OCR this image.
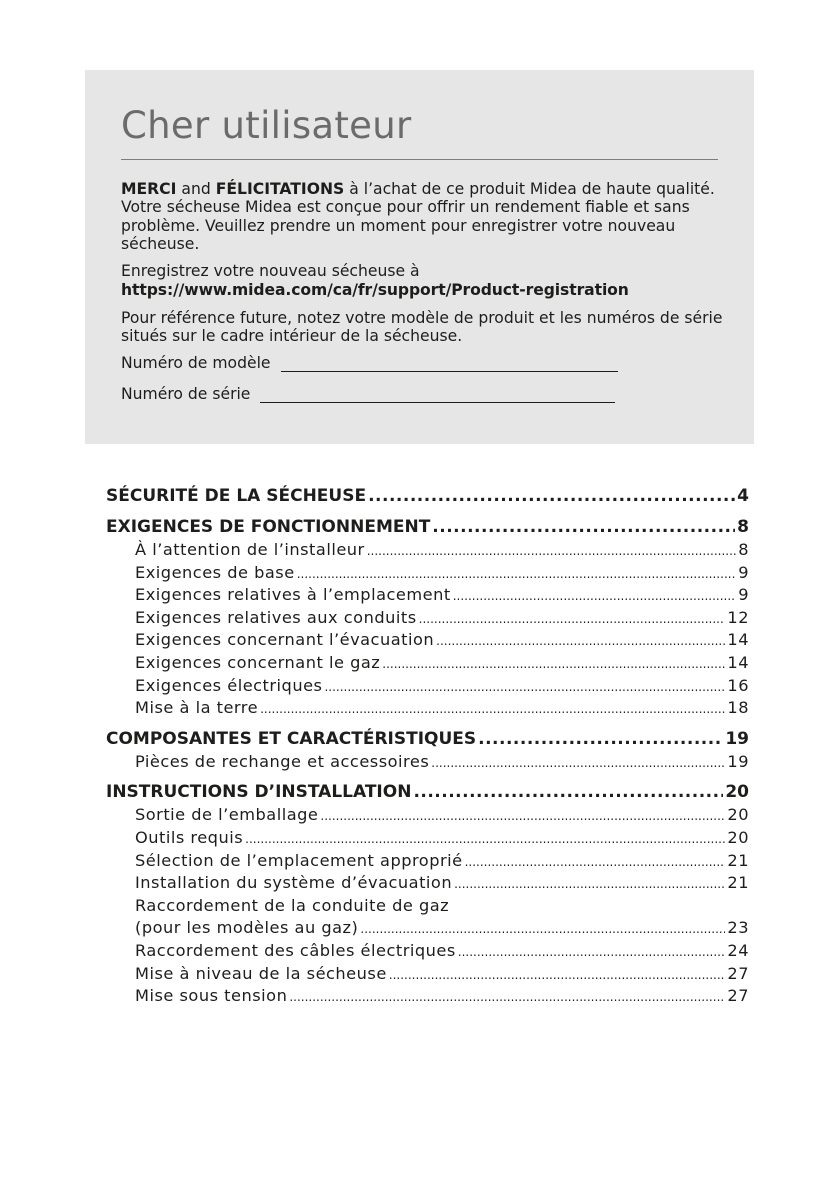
Cher utilisateur

MERCI and FÉLICITATIONS à l’achat de ce produit Midea de haute qualité. Votre sécheuse Midea est conçue pour offrir un rendement fiable et sans problème. Veuillez prendre un moment pour enregistrer votre nouveau sécheuse.

Enregistrez votre nouveau sécheuse à
https://www.midea.com/ca/fr/support/Product-registration

Pour référence future, notez votre modèle de produit et les numéros de série situés sur le cadre intérieur de la sécheuse.

Numéro de modèle
Numéro de série
SÉCURITÉ DE LA SÉCHEUSE .....	4
EXIGENCES DE FONCTIONNEMENT .....	8
À l’attention de l’installeur .....	8
Exigences de base .....	9
Exigences relatives à l’emplacement .....	9
Exigences relatives aux conduits .....	12
Exigences concernant l’évacuation .....	14
Exigences concernant le gaz .....	14
Exigences électriques .....	16
Mise à la terre .....	18
COMPOSANTES ET CARACTÉRISTIQUES .....	19
Pièces de rechange et accessoires .....	19
INSTRUCTIONS D’INSTALLATION .....	20
Sortie de l’emballage .....	20
Outils requis .....	20
Sélection de l’emplacement approprié .....	21
Installation du système d’évacuation .....	21
Raccordement de la conduite de gaz
(pour les modèles au gaz) .....	23
Raccordement des câbles électriques .....	24
Mise à niveau de la sécheuse .....	27
Mise sous tension .....	27
